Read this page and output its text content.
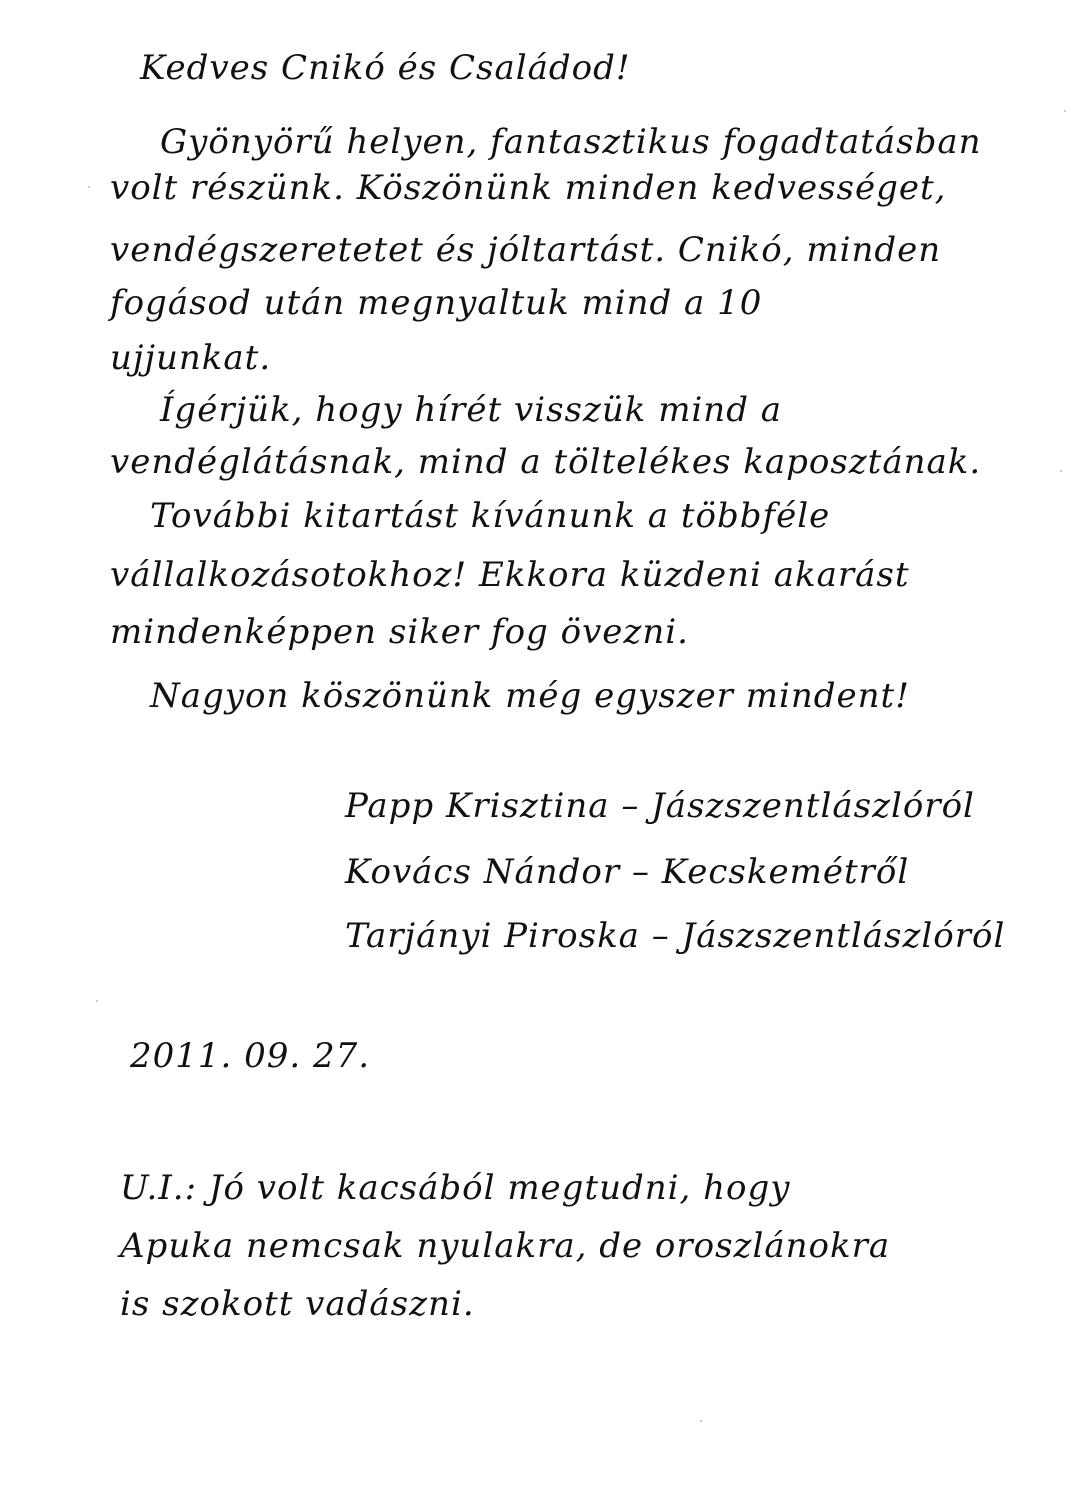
Kedves Cnikó és Családod!
Gyönyörű helyen, fantasztikus fogadtatásban
volt részünk. Köszönünk minden kedvességet,
vendégszeretetet és jóltartást. Cnikó, minden
fogásod után megnyaltuk mind a 10
ujjunkat.
Ígérjük, hogy hírét visszük mind a
vendéglátásnak, mind a töltelékes kaposztának.
További kitartást kívánunk a többféle
vállalkozásotokhoz! Ekkora küzdeni akarást
mindenképpen siker fog övezni.
Nagyon köszönünk még egyszer mindent!
Papp Krisztina – Jászszentlászlóról
Kovács Nándor – Kecskemétről
Tarjányi Piroska – Jászszentlászlóról
2011. 09. 27.
U.I.: Jó volt kacsából megtudni, hogy
Apuka nemcsak nyulakra, de oroszlánokra
is szokott vadászni.
